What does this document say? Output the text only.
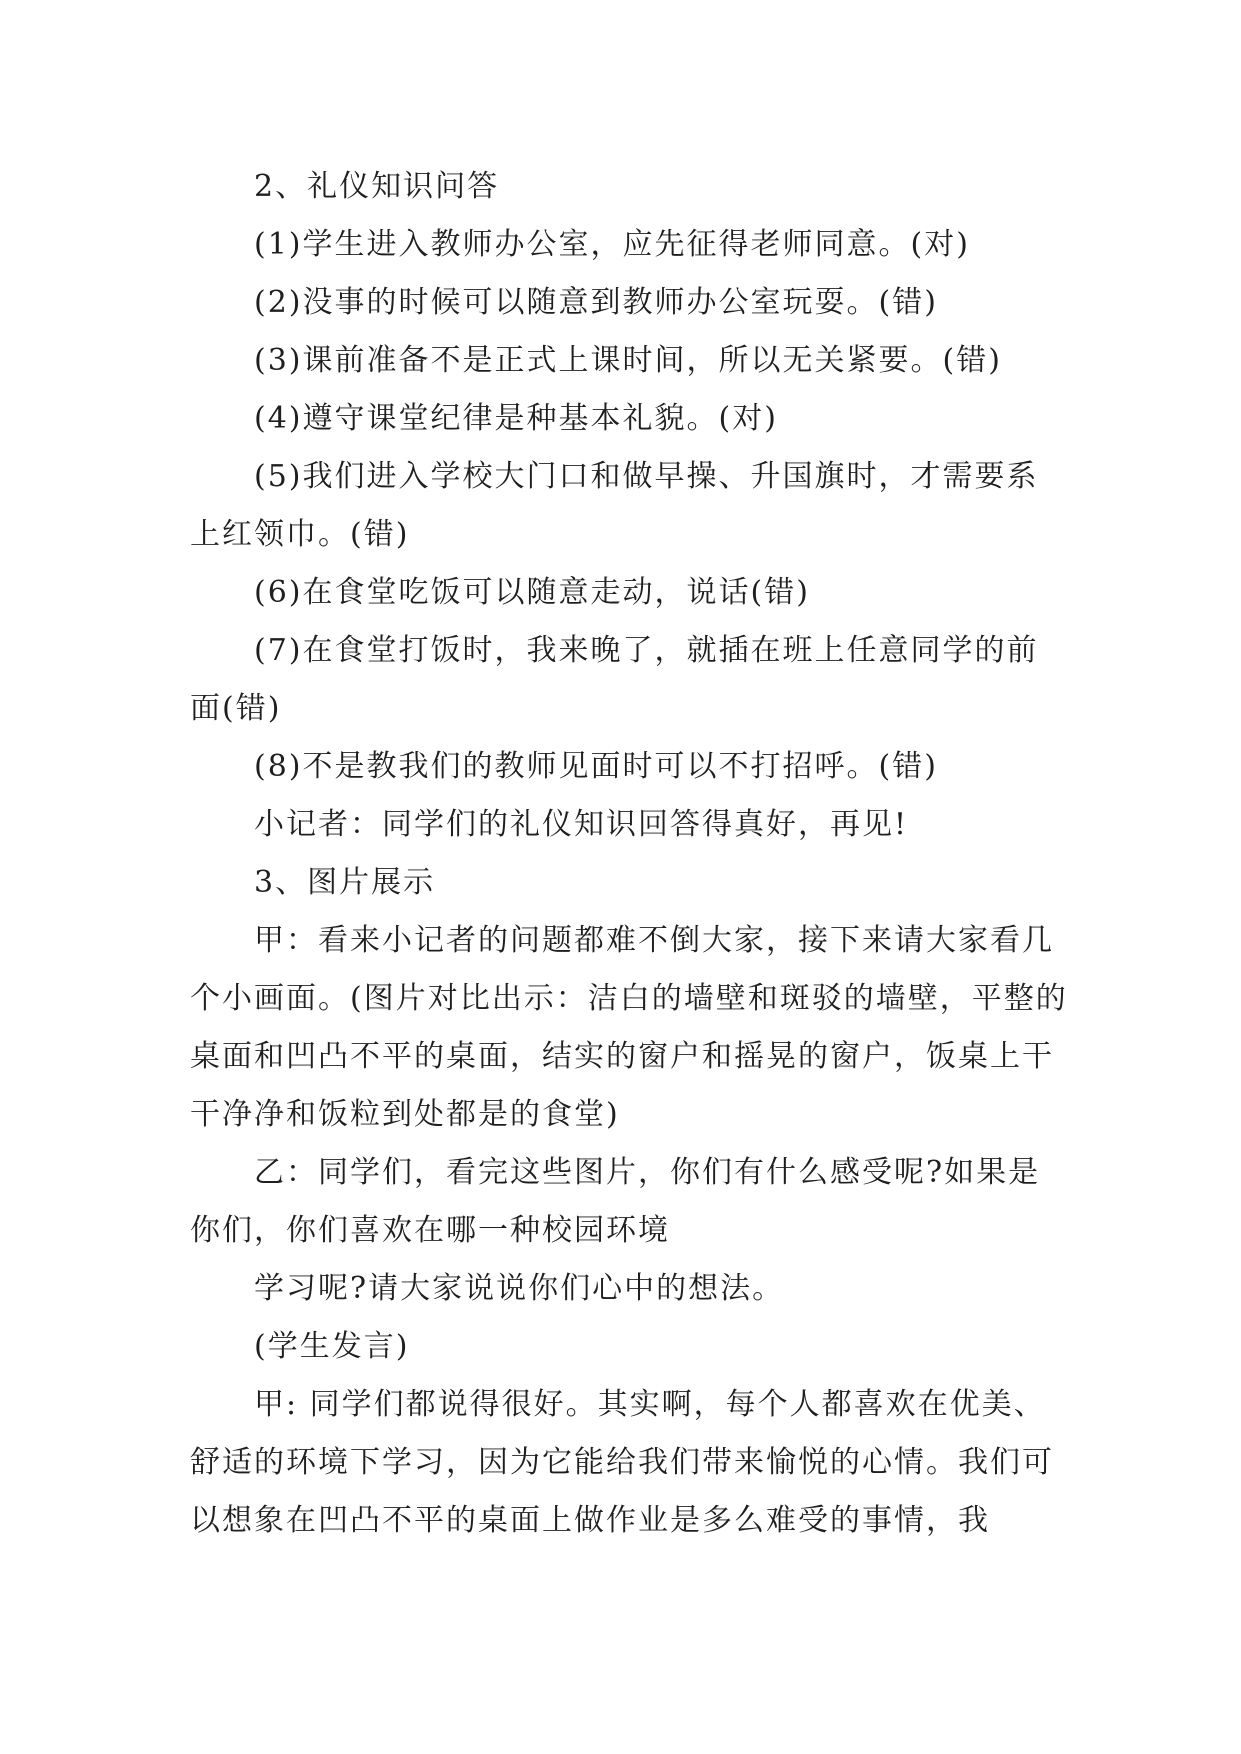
2、礼仪知识问答

(1)学生进入教师办公室，应先征得老师同意。(对)

(2)没事的时候可以随意到教师办公室玩耍。(错)

(3)课前准备不是正式上课时间，所以无关紧要。(错)

(4)遵守课堂纪律是种基本礼貌。(对)

(5)我们进入学校大门口和做早操、升国旗时，才需要系上红领巾。(错)

(6)在食堂吃饭可以随意走动，说话(错)

(7)在食堂打饭时，我来晚了，就插在班上任意同学的前面(错)

(8)不是教我们的教师见面时可以不打招呼。(错)

小记者：同学们的礼仪知识回答得真好，再见!

3、图片展示

甲：看来小记者的问题都难不倒大家，接下来请大家看几个小画面。(图片对比出示：洁白的墙壁和斑驳的墙壁，平整的桌面和凹凸不平的桌面，结实的窗户和摇晃的窗户，饭桌上干干净净和饭粒到处都是的食堂)

乙：同学们，看完这些图片，你们有什么感受呢?如果是你们，你们喜欢在哪一种校园环境

学习呢?请大家说说你们心中的想法。

(学生发言)

甲: 同学们都说得很好。其实啊，每个人都喜欢在优美、舒适的环境下学习，因为它能给我们带来愉悦的心情。我们可以想象在凹凸不平的桌面上做作业是多么难受的事情，我
